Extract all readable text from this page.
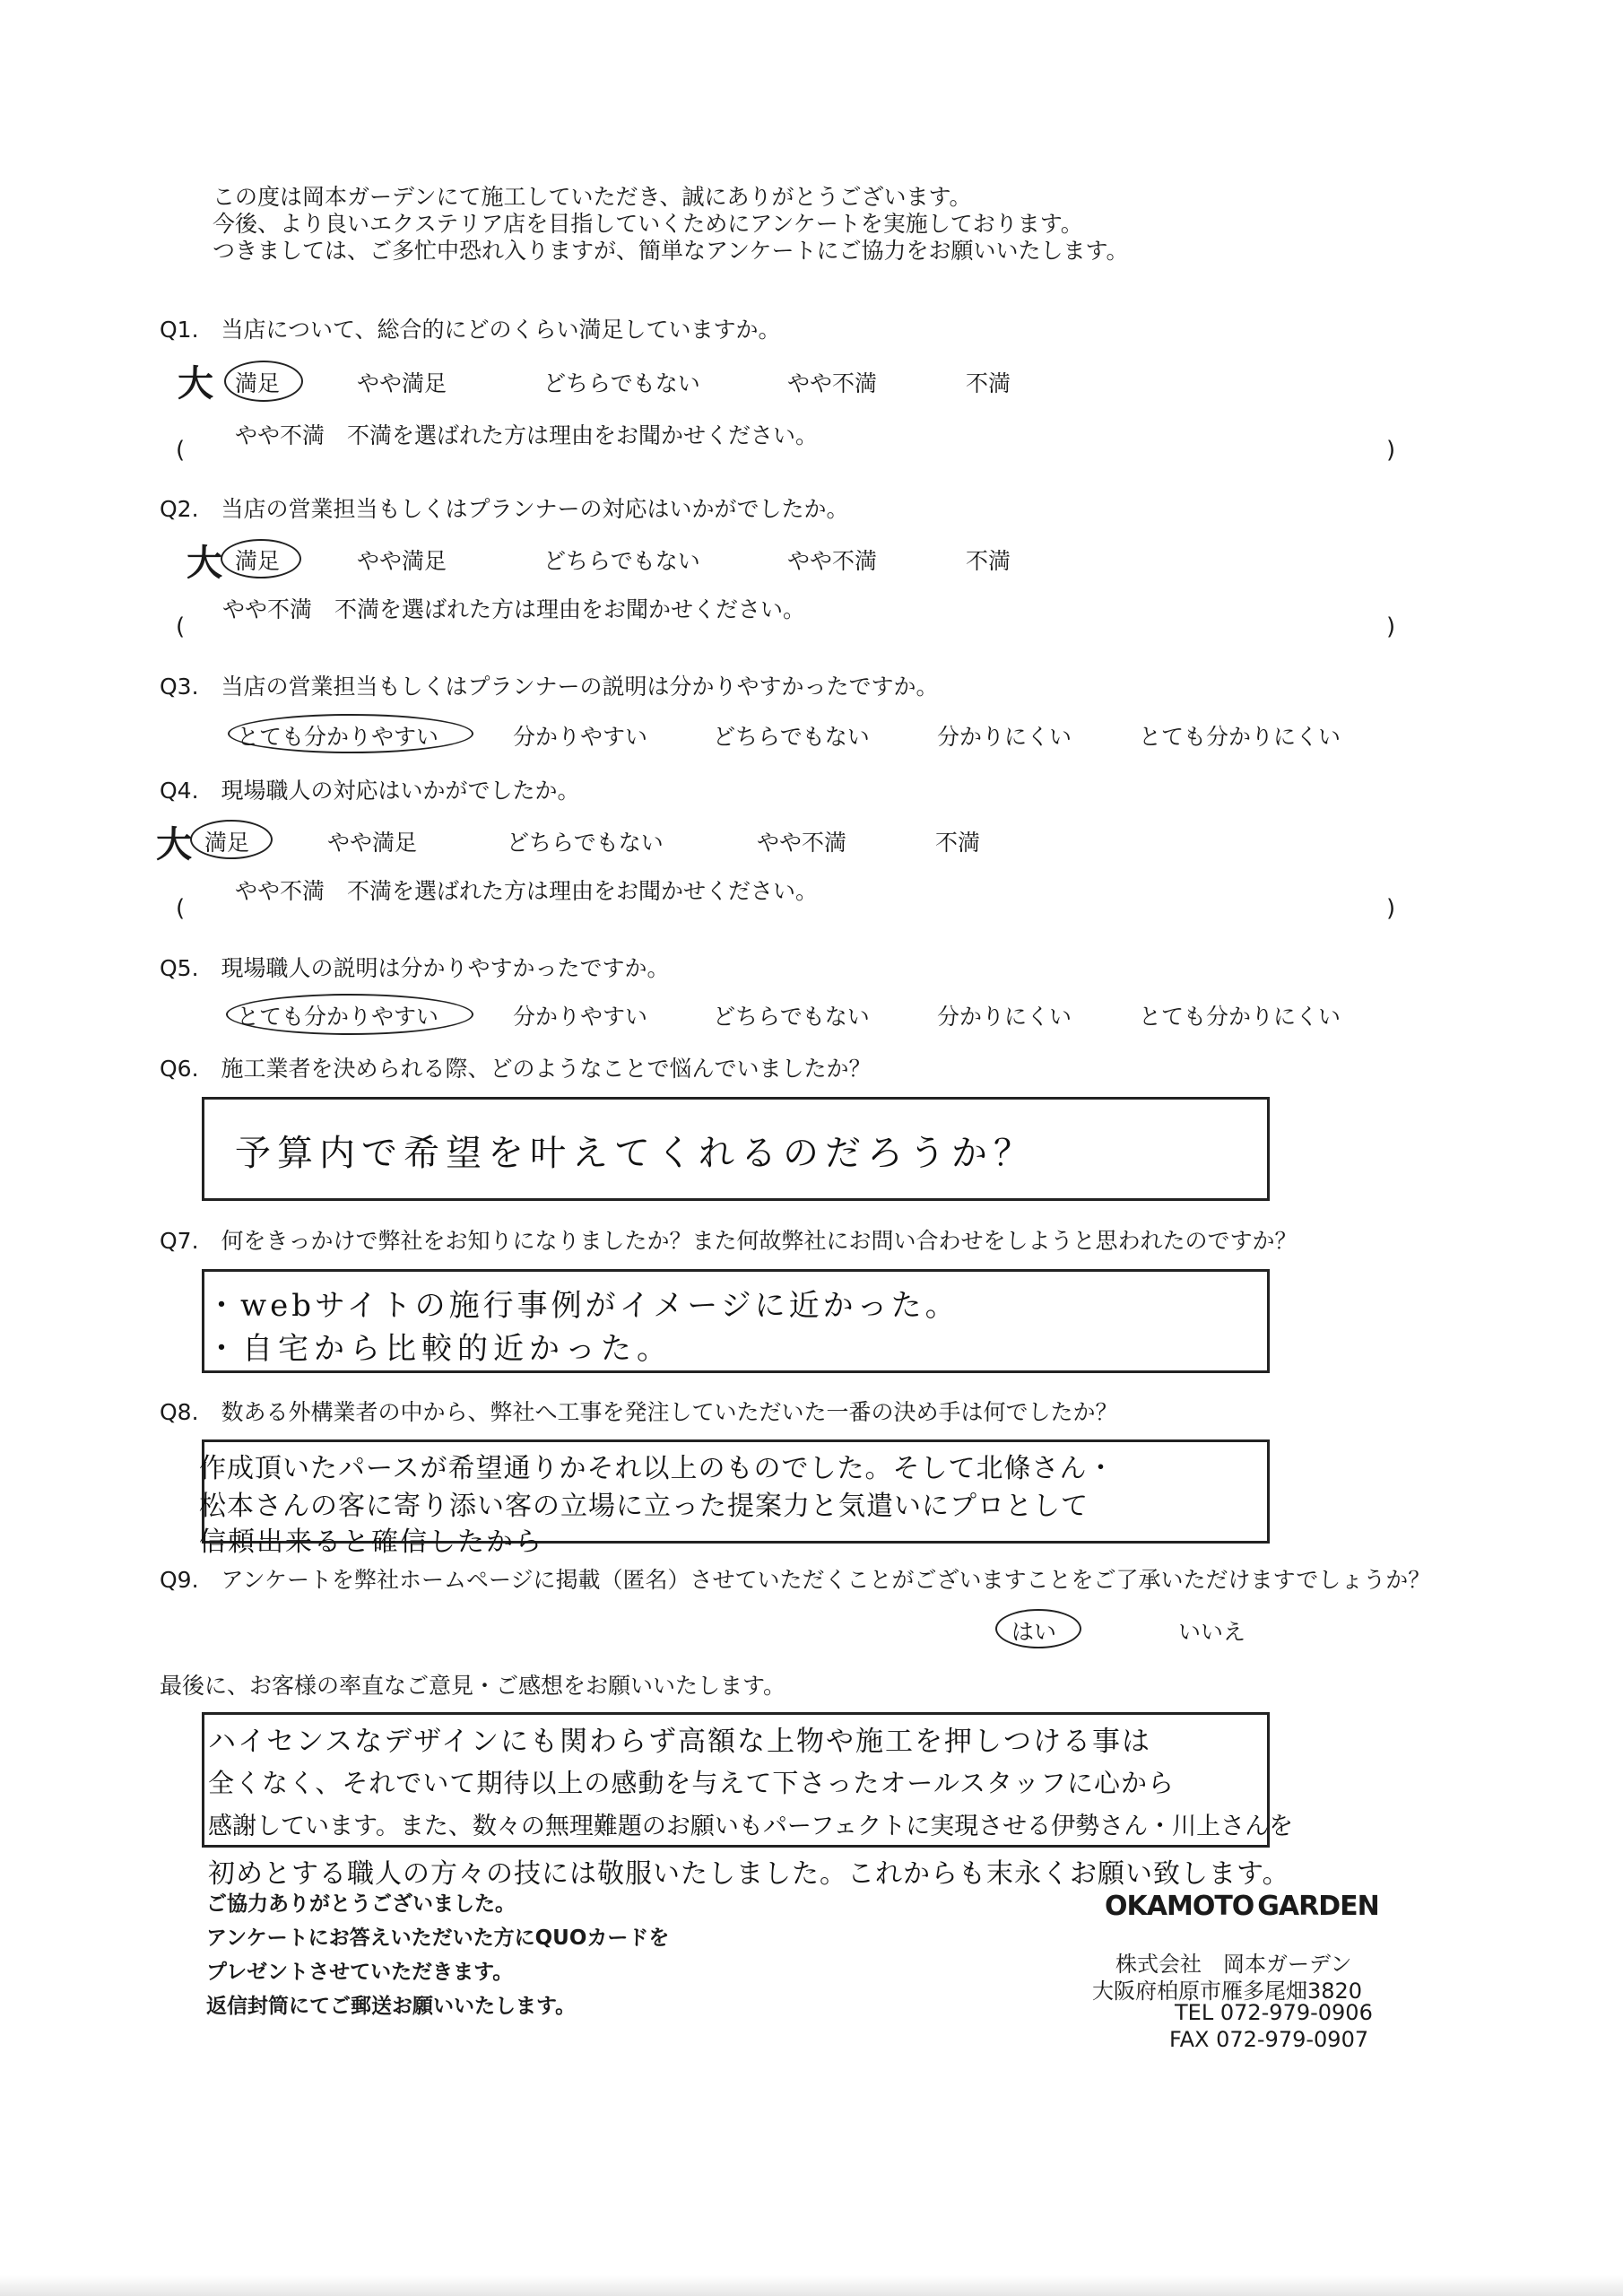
この度は岡本ガーデンにて施工していただき、誠にありがとうございます。
今後、より良いエクステリア店を目指していくためにアンケートを実施しております。
つきましては、ご多忙中恐れ入りますが、簡単なアンケートにご協力をお願いいたします。
Q1.　当店について、総合的にどのくらい満足していますか。
大 満足	やや満足	どちらでもない	やや不満	不満
やや不満　不満を選ばれた方は理由をお聞かせください。
(	)
Q2.　当店の営業担当もしくはプランナーの対応はいかがでしたか。
大 満足	やや満足	どちらでもない	やや不満	不満
やや不満　不満を選ばれた方は理由をお聞かせください。
(	)
Q3.　当店の営業担当もしくはプランナーの説明は分かりやすかったですか。
とても分かりやすい	分かりやすい	どちらでもない	分かりにくい	とても分かりにくい
Q4.　現場職人の対応はいかがでしたか。
大 満足	やや満足	どちらでもない	やや不満	不満
やや不満　不満を選ばれた方は理由をお聞かせください。
(	)
Q5.　現場職人の説明は分かりやすかったですか。
とても分かりやすい	分かりやすい	どちらでもない	分かりにくい	とても分かりにくい
Q6.　施工業者を決められる際、どのようなことで悩んでいましたか？
予算内で希望を叶えてくれるのだろうか？
Q7.　何をきっかけで弊社をお知りになりましたか？また何故弊社にお問い合わせをしようと思われたのですか？
・webサイトの施行事例がイメージに近かった。
・自宅から比較的近かった。
Q8.　数ある外構業者の中から、弊社へ工事を発注していただいた一番の決め手は何でしたか？
作成頂いたパースが希望通りかそれ以上のものでした。そして北條さん・
松本さんの客に寄り添い客の立場に立った提案力と気遣いにプロとして
信頼出来ると確信したから
Q9.　アンケートを弊社ホームページに掲載（匿名）させていただくことがございますことをご了承いただけますでしょうか？
はい	いいえ
最後に、お客様の率直なご意見・ご感想をお願いいたします。
ハイセンスなデザインにも関わらず高額な上物や施工を押しつける事は
全くなく、それでいて期待以上の感動を与えて下さったオールスタッフに心から
感謝しています。また、数々の無理難題のお願いもパーフェクトに実現させる伊勢さん・川上さんを
初めとする職人の方々の技には敬服いたしました。これからも末永くお願い致します。
ご協力ありがとうございました。
アンケートにお答えいただいた方にQUOカードを
プレゼントさせていただきます。
返信封筒にてご郵送お願いいたします。
OKAMOTO GARDEN
株式会社　岡本ガーデン
大阪府柏原市雁多尾畑3820
TEL 072-979-0906
FAX 072-979-0907
